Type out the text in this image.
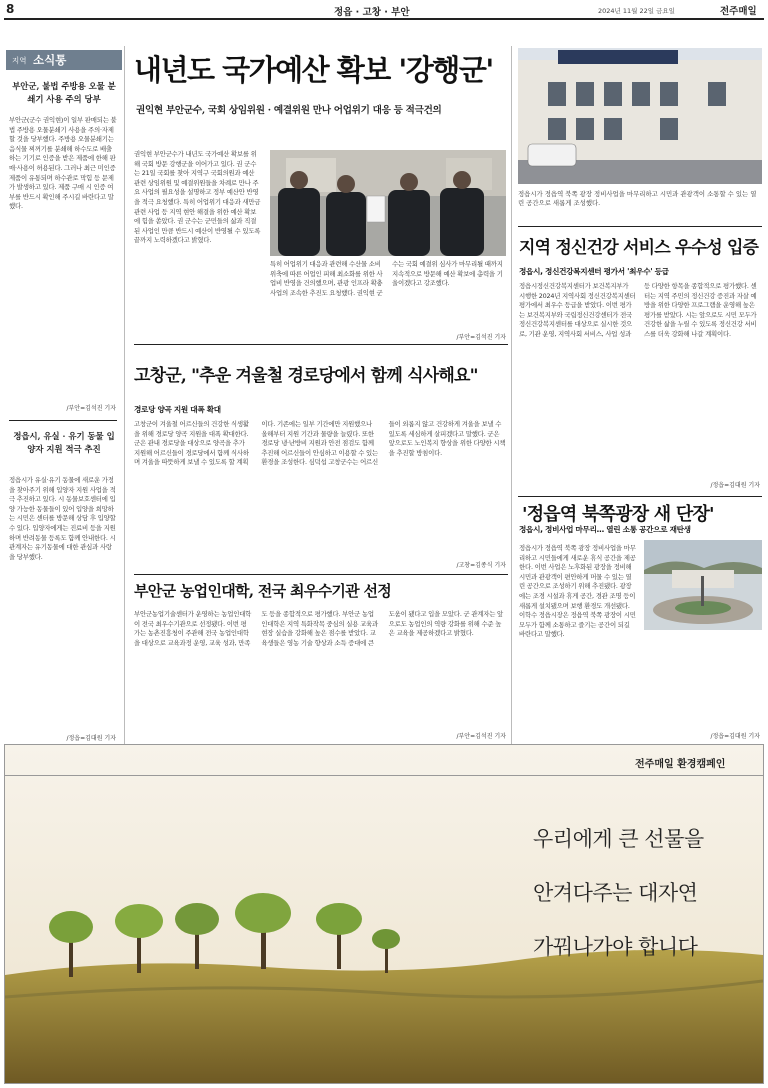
8	정읍 · 고창 · 부안	2024년 11월 22일 금요일	전주매일
지역 소식통
부안군, 불법 주방용 오물 분쇄기 사용 주의 당부
부안군(군수 권익현)이 일부 판매되는 불법 주방용 오물분쇄기 사용을 주의·자제할 것을 당부했다. 주방용 오물분쇄기는 음식물 찌꺼기를 분쇄해 하수도로 배출하는 기기로 인증을 받은 제품에 한해 판매·사용이 허용된다. 그러나 최근 미인증 제품이 유통되며 하수관로 막힘 등 문제가 발생하고 있다. 제품 구매 시 인증 여부를 반드시 확인해 주시길 바란다고 말했다.
/부안=김석진 기자
정읍시, 유실 · 유기 동물 입양자 지원 적극 추진
정읍시가 유실·유기 동물에 새로운 가정을 찾아주기 위해 입양자 지원 사업을 적극 추진하고 있다. 시 동물보호센터에 입양 가능한 동물들이 있어 입양을 희망하는 시민은 센터를 방문해 상담 후 입양할 수 있다. 입양자에게는 진료비 등을 지원하며 반려동물 등록도 함께 안내한다. 시 관계자는 유기동물에 대한 관심과 사랑을 당부했다.
/정읍=김대원 기자
내년도 국가예산 확보 '강행군'
권익현 부안군수, 국회 상임위원 · 예결위원 만나 어업위기 대응 등 적극건의
권익현 부안군수가 내년도 국가예산 확보를 위해 국회 방문 강행군을 이어가고 있다. 권 군수는 21일 국회를 찾아 지역구 국회의원과 예산 관련 상임위원 및 예결위원들을 차례로 만나 주요 사업의 필요성을 설명하고 정부 예산안 반영을 적극 요청했다. 특히 어업위기 대응과 새만금 관련 사업 등 지역 현안 해결을 위한 예산 확보에 힘을 쏟았다. 권 군수는 군민들의 삶과 직결된 사업인 만큼 반드시 예산이 반영될 수 있도록 끝까지 노력하겠다고 밝혔다.
특히 어업위기 대응과 관련해 수산물 소비 위축에 따른 어업인 피해 최소화를 위한 사업비 반영을 건의했으며, 관광 인프라 확충 사업의 조속한 추진도 요청했다. 권익현 군수는 국회 예결위 심사가 마무리될 때까지 지속적으로 방문해 예산 확보에 총력을 기울이겠다고 강조했다.
/부안=김석진 기자
정읍시가 정읍역 북쪽 광장 정비사업을 마무리하고 시민과 관광객이 소통할 수 있는 열린 공간으로 새롭게 조성했다.
지역 정신건강 서비스 우수성 입증
정읍시, 정신건강복지센터 평가서 '최우수' 등급
정읍시정신건강복지센터가 보건복지부가 시행한 2024년 지역사회 정신건강복지센터 평가에서 최우수 등급을 받았다. 이번 평가는 보건복지부와 국립정신건강센터가 전국 정신건강복지센터를 대상으로 실시한 것으로, 기관 운영, 지역사회 서비스, 사업 성과 등 다양한 항목을 종합적으로 평가했다. 센터는 지역 주민의 정신건강 증진과 자살 예방을 위한 다양한 프로그램을 운영해 높은 평가를 받았다. 시는 앞으로도 시민 모두가 건강한 삶을 누릴 수 있도록 정신건강 서비스를 더욱 강화해 나갈 계획이다.
/정읍=김대원 기자
고창군, "추운 겨울철 경로당에서 함께 식사해요"
경로당 양곡 지원 대폭 확대
고창군이 겨울철 어르신들의 건강한 식생활을 위해 경로당 양곡 지원을 대폭 확대한다. 군은 관내 경로당을 대상으로 양곡을 추가 지원해 어르신들이 경로당에서 함께 식사하며 겨울을 따뜻하게 보낼 수 있도록 할 계획이다. 기존에는 일부 기간에만 지원했으나 올해부터 지원 기간과 물량을 늘렸다. 또한 경로당 냉·난방비 지원과 안전 점검도 함께 추진해 어르신들이 안심하고 이용할 수 있는 환경을 조성한다. 심덕섭 고창군수는 어르신들이 외롭지 않고 건강하게 겨울을 보낼 수 있도록 세심하게 살피겠다고 말했다. 군은 앞으로도 노인복지 향상을 위한 다양한 시책을 추진할 방침이다.
/고창=김종식 기자
부안군 농업인대학, 전국 최우수기관 선정
부안군농업기술센터가 운영하는 농업인대학이 전국 최우수기관으로 선정됐다. 이번 평가는 농촌진흥청이 주관해 전국 농업인대학을 대상으로 교육과정 운영, 교육 성과, 만족도 등을 종합적으로 평가했다. 부안군 농업인대학은 지역 특화작목 중심의 실용 교육과 현장 실습을 강화해 높은 점수를 받았다. 교육생들은 영농 기술 향상과 소득 증대에 큰 도움이 됐다고 입을 모았다. 군 관계자는 앞으로도 농업인의 역량 강화를 위해 수준 높은 교육을 제공하겠다고 밝혔다.
/부안=김석진 기자
'정읍역 북쪽광장 새 단장'
정읍시, 정비사업 마무리… 열린 소통 공간으로 재탄생
정읍시가 정읍역 북쪽 광장 정비사업을 마무리하고 시민들에게 새로운 휴식 공간을 제공한다. 이번 사업은 노후화된 광장을 정비해 시민과 관광객이 편안하게 머물 수 있는 열린 공간으로 조성하기 위해 추진됐다. 광장에는 조경 시설과 휴게 공간, 경관 조명 등이 새롭게 설치됐으며 보행 환경도 개선됐다. 이학수 정읍시장은 정읍역 북쪽 광장이 시민 모두가 함께 소통하고 즐기는 공간이 되길 바란다고 말했다.
/정읍=김대원 기자
전주매일 환경캠페인
우리에게 큰 선물을
안겨다주는 대자연
가꿔나가야 합니다
